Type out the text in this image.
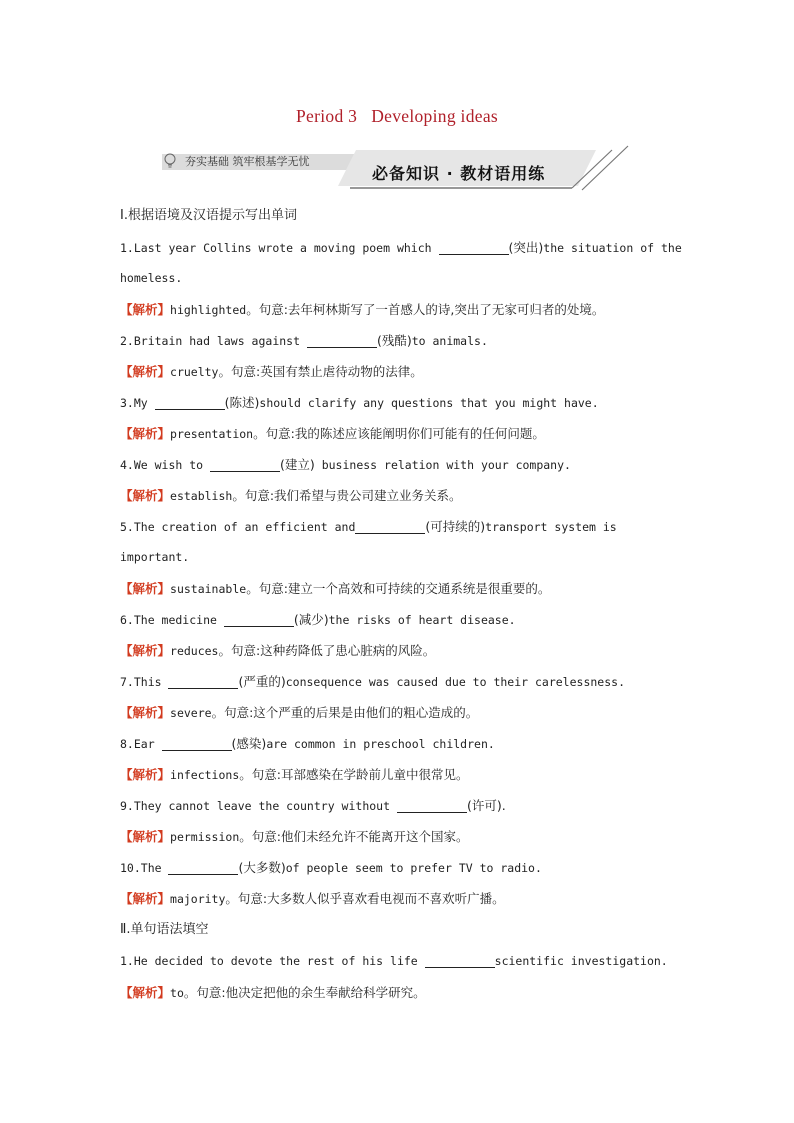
Period 3 Developing ideas
夯实基础 筑牢根基学无忧
必备知识 · 教材语用练
Ⅰ.根据语境及汉语提示写出单词
1.Last year Collins wrote a moving poem which	(突出)the situation of the
homeless.
【解析】highlighted。句意:去年柯林斯写了一首感人的诗,突出了无家可归者的处境。
2.Britain had laws against	(残酷)to animals.
【解析】cruelty。句意:英国有禁止虐待动物的法律。
3.My	(陈述)should clarify any questions that you might have.
【解析】presentation。句意:我的陈述应该能阐明你们可能有的任何问题。
4.We wish to	(建立) business relation with your company.
【解析】establish。句意:我们希望与贵公司建立业务关系。
5.The creation of an efficient and	(可持续的)transport system is
important.
【解析】sustainable。句意:建立一个高效和可持续的交通系统是很重要的。
6.The medicine	(减少)the risks of heart disease.
【解析】reduces。句意:这种药降低了患心脏病的风险。
7.This	(严重的)consequence was caused due to their carelessness.
【解析】severe。句意:这个严重的后果是由他们的粗心造成的。
8.Ear	(感染)are common in preschool children.
【解析】infections。句意:耳部感染在学龄前儿童中很常见。
9.They cannot leave the country without	(许可).
【解析】permission。句意:他们未经允许不能离开这个国家。
10.The	(大多数)of people seem to prefer TV to radio.
【解析】majority。句意:大多数人似乎喜欢看电视而不喜欢听广播。
Ⅱ.单句语法填空
1.He decided to devote the rest of his life	scientific investigation.
【解析】to。句意:他决定把他的余生奉献给科学研究。
